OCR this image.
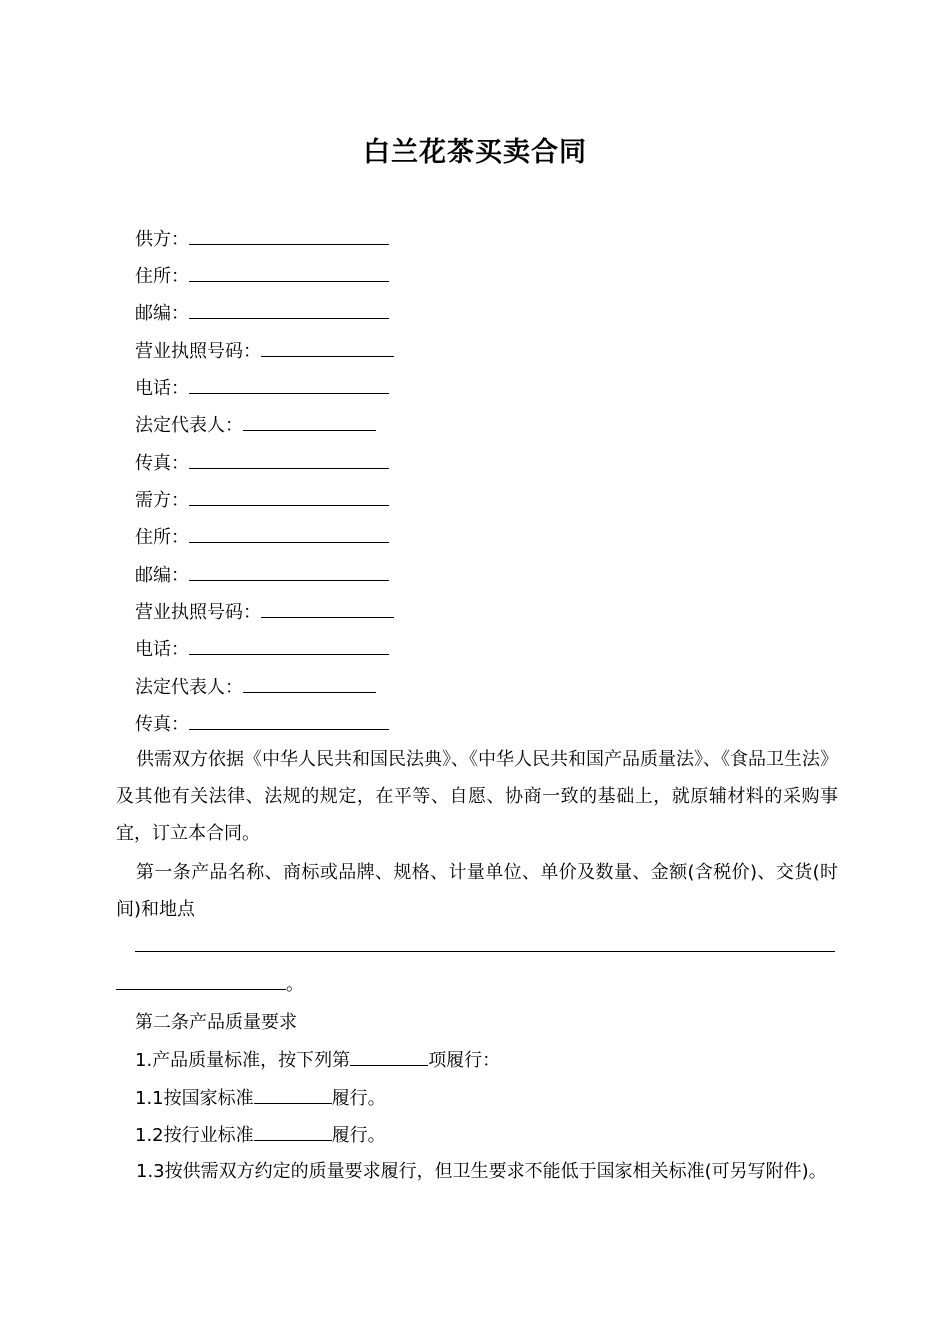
白兰花茶买卖合同
供方：
住所：
邮编：
营业执照号码：
电话：
法定代表人：
传真：
需方：
住所：
邮编：
营业执照号码：
电话：
法定代表人：
传真：
供需双方依据《中华人民共和国民法典》、《中华人民共和国产品质量法》、《食品卫生法》及其他有关法律、法规的规定，在平等、自愿、协商一致的基础上，就原辅材料的采购事宜，订立本合同。
第一条产品名称、商标或品牌、规格、计量单位、单价及数量、金额(含税价)、交货(时间)和地点
。
第二条产品质量要求
1.产品质量标准，按下列第	项履行：
1.1按国家标准	履行。
1.2按行业标准	履行。
1.3按供需双方约定的质量要求履行，但卫生要求不能低于国家相关标准(可另写附件)。
